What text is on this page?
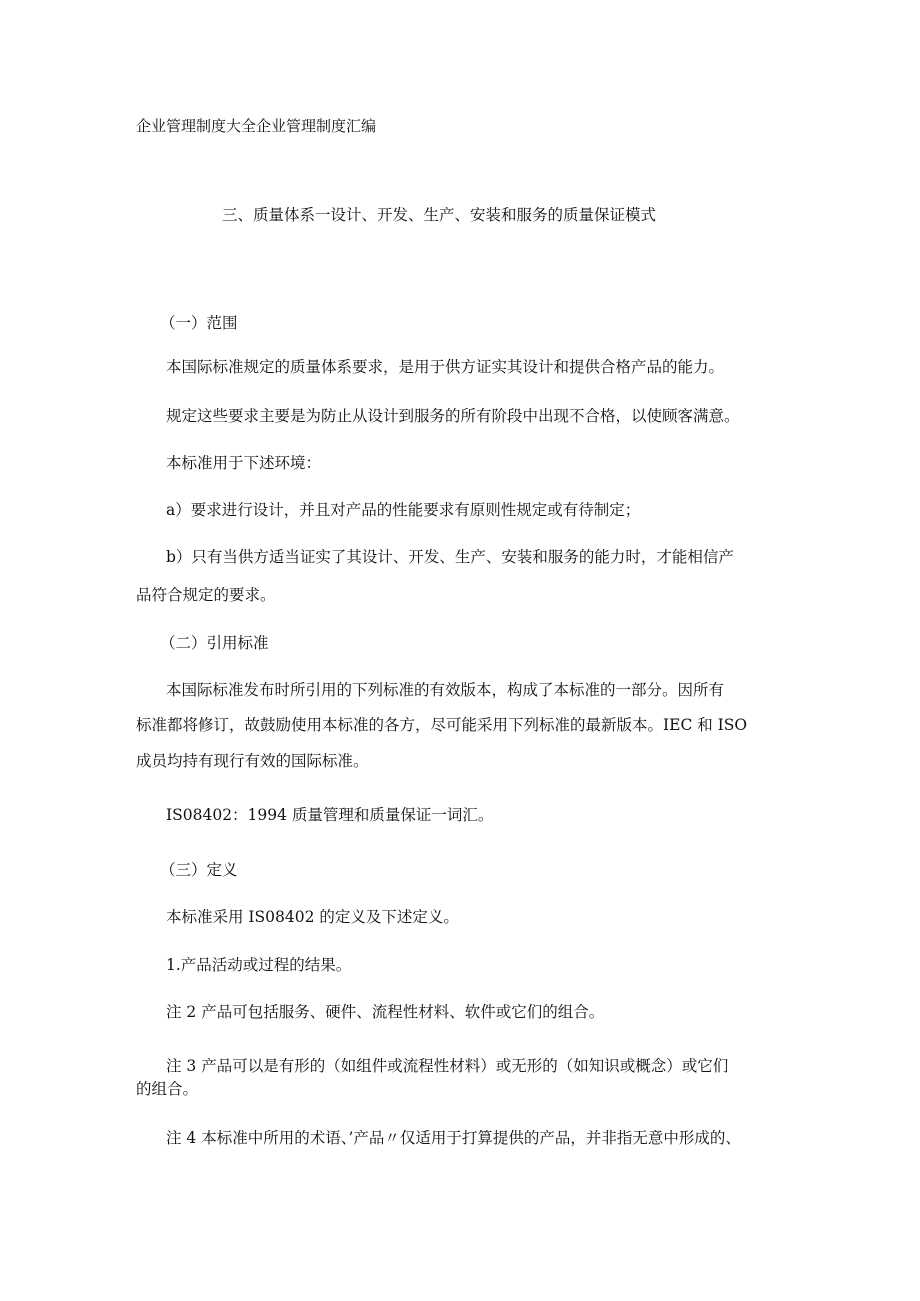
企业管理制度大全企业管理制度汇编

三、质量体系一设计、开发、生产、安装和服务的质量保证模式

（一）范围

本国际标准规定的质量体系要求，是用于供方证实其设计和提供合格产品的能力。

规定这些要求主要是为防止从设计到服务的所有阶段中出现不合格，以使顾客满意。

本标准用于下述环境：

a）要求进行设计，并且对产品的性能要求有原则性规定或有待制定；

b）只有当供方适当证实了其设计、开发、生产、安装和服务的能力时，才能相信产

品符合规定的要求。

（二）引用标准

本国际标准发布时所引用的下列标准的有效版本，构成了本标准的一部分。因所有

标准都将修订，故鼓励使用本标准的各方，尽可能采用下列标准的最新版本。IEC 和 ISO

成员均持有现行有效的国际标准。

IS08402：1994 质量管理和质量保证一词汇。

（三）定义

本标准采用 IS08402 的定义及下述定义。

1.产品活动或过程的结果。

注 2 产品可包括服务、硬件、流程性材料、软件或它们的组合。

注 3 产品可以是有形的（如组件或流程性材料）或无形的（如知识或概念）或它们

的组合。

注 4 本标准中所用的术语、’产品〃仅适用于打算提供的产品，并非指无意中形成的、
